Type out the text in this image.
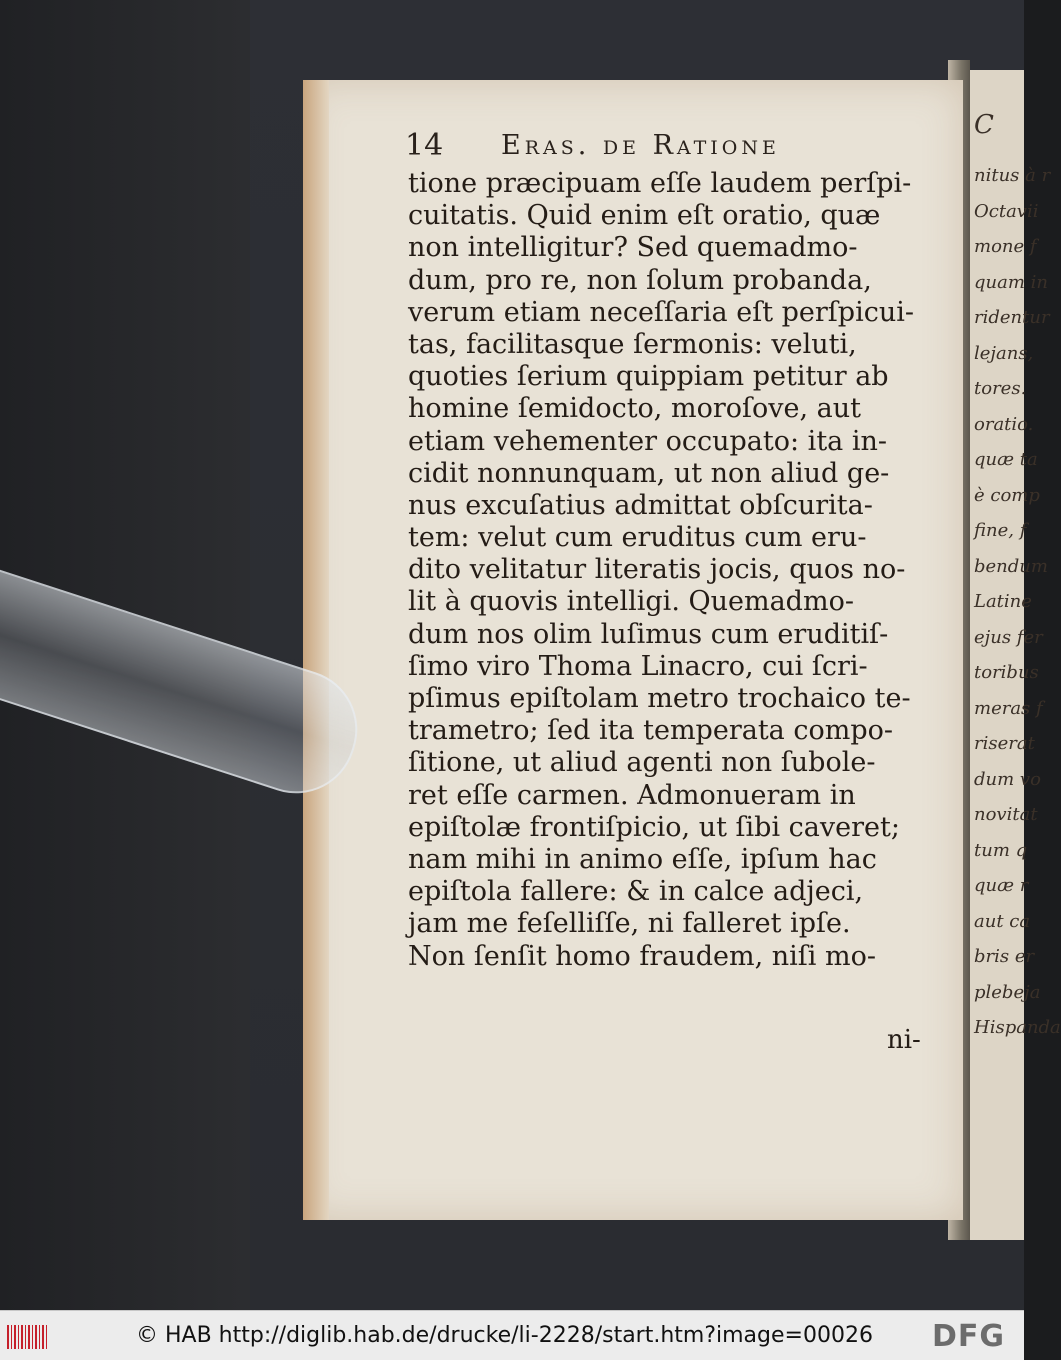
C
nitus à r
Octavii
mone f
quam in
ridentur
lejans,
tores.
oratio.
quæ ta
è comp
fine, f
bendum
Latine
ejus fer
toribus
meras f
riserat
dum vo
novitat
tum q
quæ r
aut ca
bris er
plebeja
Hispanda
14 Eras. de Ratione
tione præcipuam eſſe laudem perſpi-
cuitatis. Quid enim eſt oratio, quæ
non intelligitur? Sed quemadmo-
dum, pro re, non ſolum probanda,
verum etiam neceſſaria eſt perſpicui-
tas, facilitasque ſermonis: veluti,
quoties ſerium quippiam petitur ab
homine ſemidocto, moroſove, aut
etiam vehementer occupato: ita in-
cidit nonnunquam, ut non aliud ge-
nus excuſatius admittat obſcurita-
tem: velut cum eruditus cum eru-
dito velitatur literatis jocis, quos no-
lit à quovis intelligi. Quemadmo-
dum nos olim luſimus cum eruditiſ-
ſimo viro Thoma Linacro, cui ſcri-
pſimus epiſtolam metro trochaico te-
trametro; ſed ita temperata compo-
ſitione, ut aliud agenti non ſubole-
ret eſſe carmen. Admonueram in
epiſtolæ frontiſpicio, ut ſibi caveret;
nam mihi in animo eſſe, ipſum hac
epiſtola fallere: & in calce adjeci,
jam me feſelliſſe, ni falleret ipſe.
Non ſenſit homo fraudem, niſi mo-
ni-
© HAB http://diglib.hab.de/drucke/li-2228/start.htm?image=00026 DFG
